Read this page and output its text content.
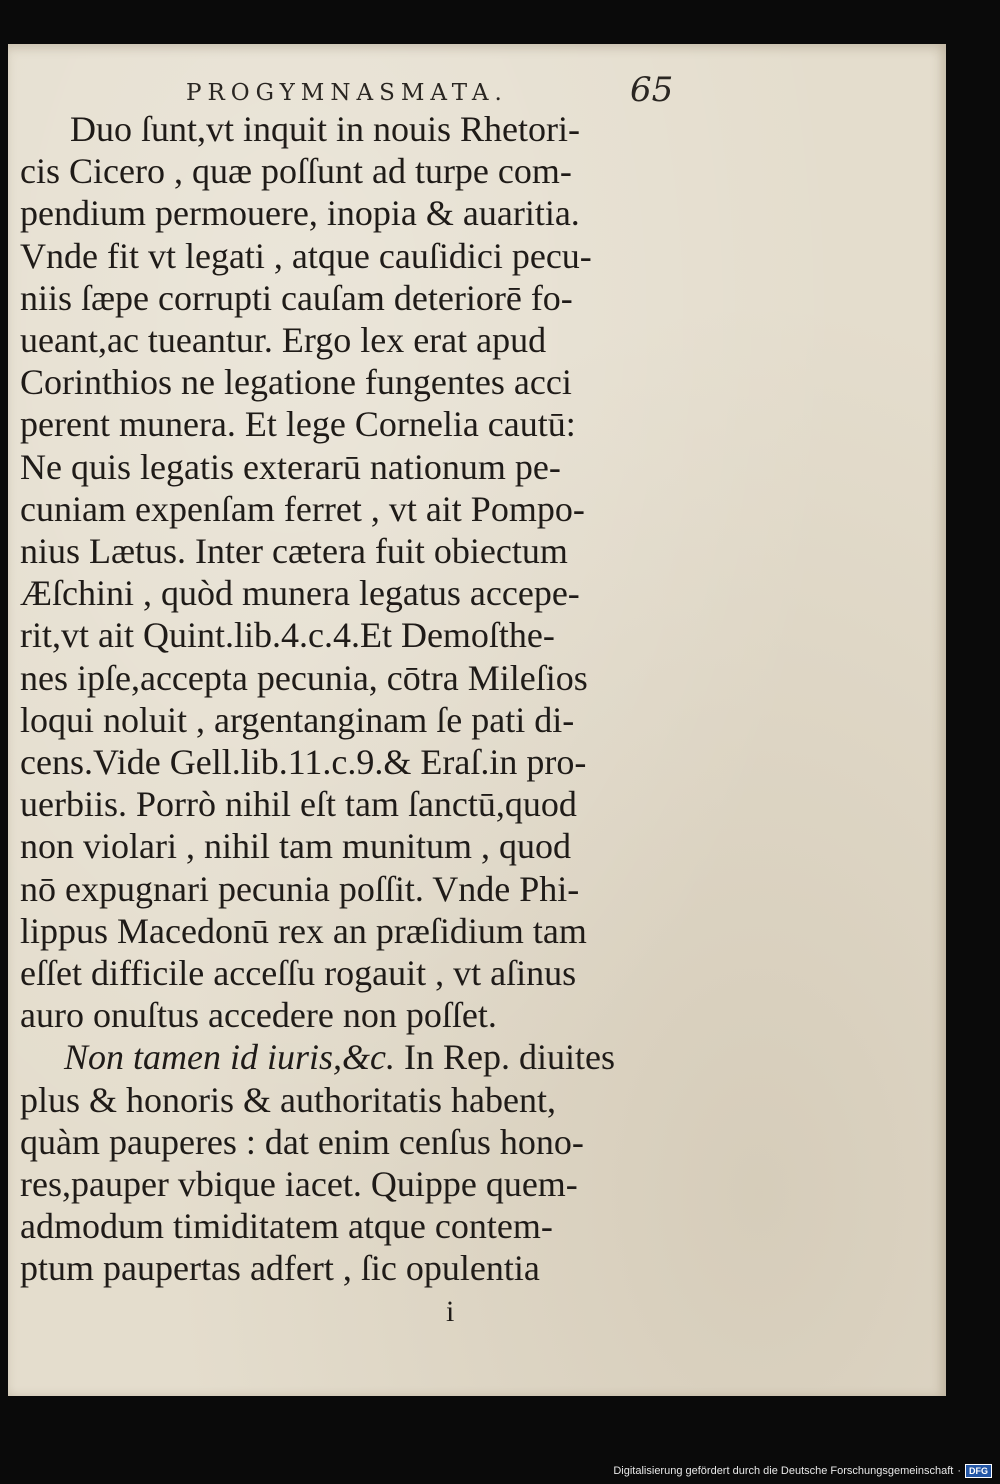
PROGYMNASMATA.	65
Duo ſunt,vt inquit in nouis Rhetori-
cis Cicero , quæ poſſunt ad turpe com-
pendium permouere, inopia & auaritia.
Vnde fit vt legati , atque cauſidici pecu-
niis ſæpe corrupti cauſam deteriorē fo-
ueant,ac tueantur. Ergo lex erat apud
Corinthios ne legatione fungentes acci
perent munera. Et lege Cornelia cautū:
Ne quis legatis exterarū nationum pe-
cuniam expenſam ferret , vt ait Pompo-
nius Lætus. Inter cætera fuit obiectum
Æſchini , quòd munera legatus accepe-
rit,vt ait Quint.lib.4.c.4.Et Demoſthe-
nes ipſe,accepta pecunia, cōtra Mileſios
loqui noluit , argentanginam ſe pati di-
cens.Vide Gell.lib.11.c.9.& Eraſ.in pro-
uerbiis. Porrò nihil eſt tam ſanctū,quod
non violari , nihil tam munitum , quod
nō expugnari pecunia poſſit. Vnde Phi-
lippus Macedonū rex an præſidium tam
eſſet difficile acceſſu rogauit , vt aſinus
auro onuſtus accedere non poſſet.
Non tamen id iuris,&c. In Rep. diuites
plus & honoris & authoritatis habent,
quàm pauperes : dat enim cenſus hono-
res,pauper vbique iacet. Quippe quem-
admodum timiditatem atque contem-
ptum paupertas adfert , ſic opulentia
i
Digitalisierung gefördert durch die Deutsche Forschungsgemeinschaft · DFG
